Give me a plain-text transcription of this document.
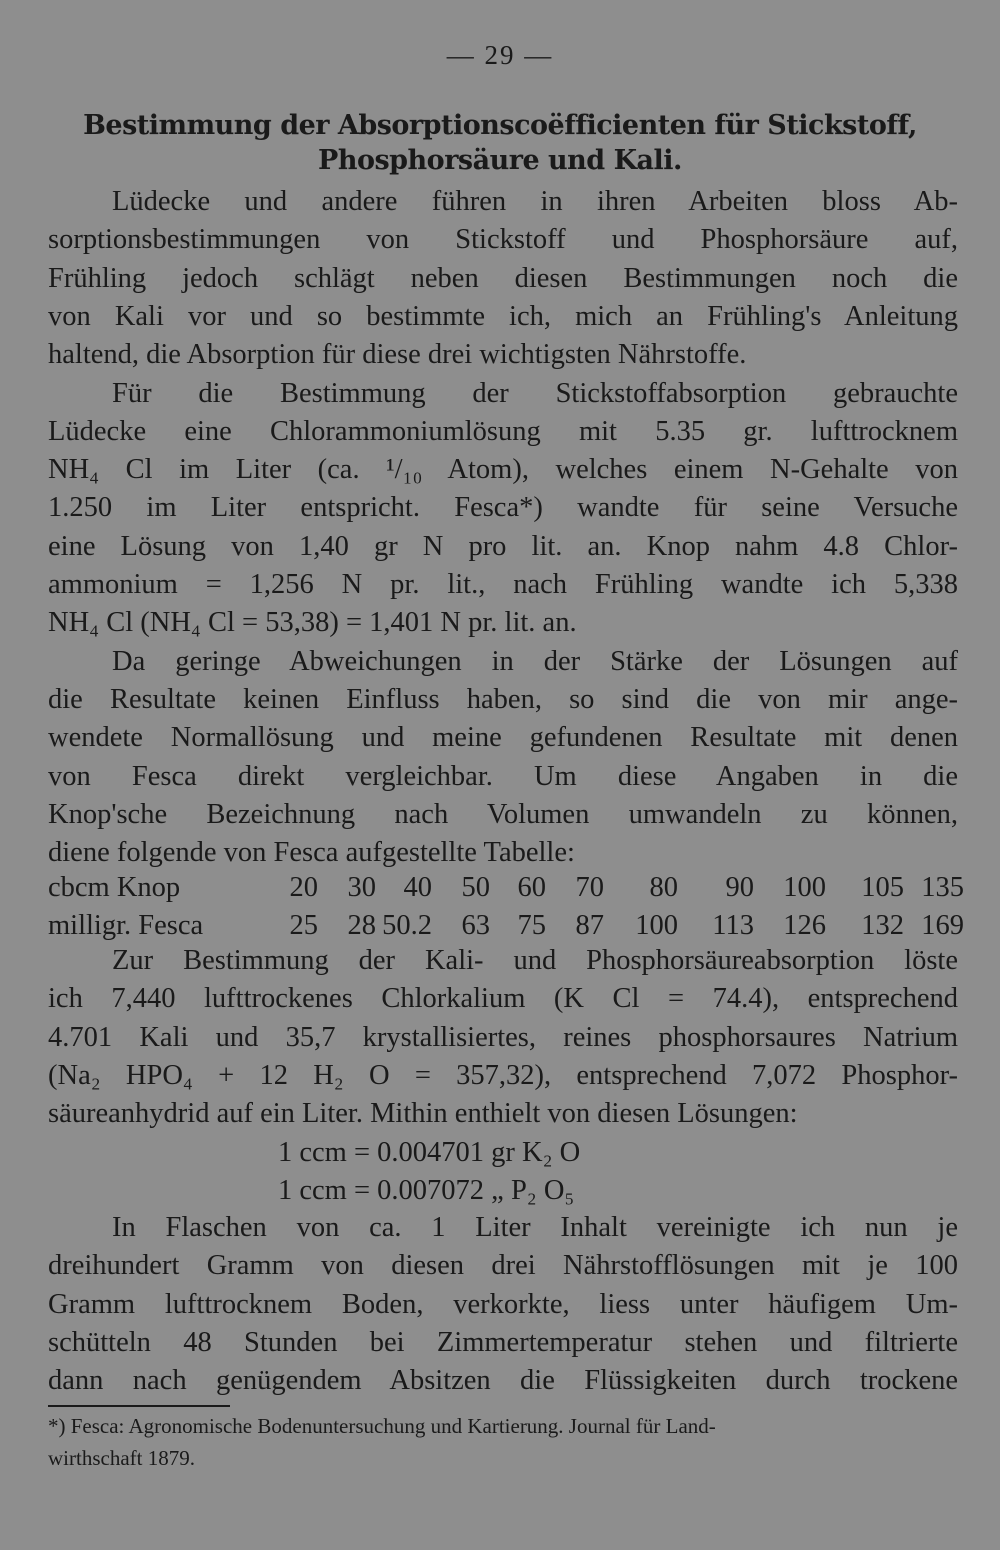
— 29 —
Bestimmung der Absorptionscoëfficienten für Stickstoff,
Phosphorsäure und Kali.
Lüdecke und andere führen in ihren Arbeiten bloss Ab-
sorptionsbestimmungen von Stickstoff und Phosphorsäure auf,
Frühling jedoch schlägt neben diesen Bestimmungen noch die
von Kali vor und so bestimmte ich, mich an Frühling's Anleitung
haltend, die Absorption für diese drei wichtigsten Nährstoffe.
Für die Bestimmung der Stickstoffabsorption gebrauchte
Lüdecke eine Chlorammoniumlösung mit 5.35 gr. lufttrocknem
NH₄ Cl im Liter (ca. ¹/₁₀ Atom), welches einem N-Gehalte von
1.250 im Liter entspricht. Fesca*) wandte für seine Versuche
eine Lösung von 1,40 gr N pro lit. an. Knop nahm 4.8 Chlor-
ammonium = 1,256 N pr. lit., nach Frühling wandte ich 5,338
NH₄ Cl (NH₄ Cl = 53,38) = 1,401 N pr. lit. an.
Da geringe Abweichungen in der Stärke der Lösungen auf
die Resultate keinen Einfluss haben, so sind die von mir ange-
wendete Normallösung und meine gefundenen Resultate mit denen
von Fesca direkt vergleichbar. Um diese Angaben in die
Knop'sche Bezeichnung nach Volumen umwandeln zu können,
diene folgende von Fesca aufgestellte Tabelle:
cbcm Knop	20	30 40	50 60	70	80	90	100	105 135
milligr. Fesca	25	28 50.2	63 75	87	100	113	126	132 169
Zur Bestimmung der Kali- und Phosphorsäureabsorption löste
ich 7,440 lufttrockenes Chlorkalium (K Cl = 74.4), entsprechend
4.701 Kali und 35,7 krystallisiertes, reines phosphorsaures Natrium
(Na₂ HPO₄ + 12 H₂ O = 357,32), entsprechend 7,072 Phosphor-
säureanhydrid auf ein Liter. Mithin enthielt von diesen Lösungen:
1 ccm = 0.004701 gr K₂ O
1 ccm = 0.007072 „ P₂ O₅
In Flaschen von ca. 1 Liter Inhalt vereinigte ich nun je
dreihundert Gramm von diesen drei Nährstofflösungen mit je 100
Gramm lufttrocknem Boden, verkorkte, liess unter häufigem Um-
schütteln 48 Stunden bei Zimmertemperatur stehen und filtrierte
dann nach genügendem Absitzen die Flüssigkeiten durch trockene
*) Fesca: Agronomische Bodenuntersuchung und Kartierung. Journal für Land-
wirthschaft 1879.
